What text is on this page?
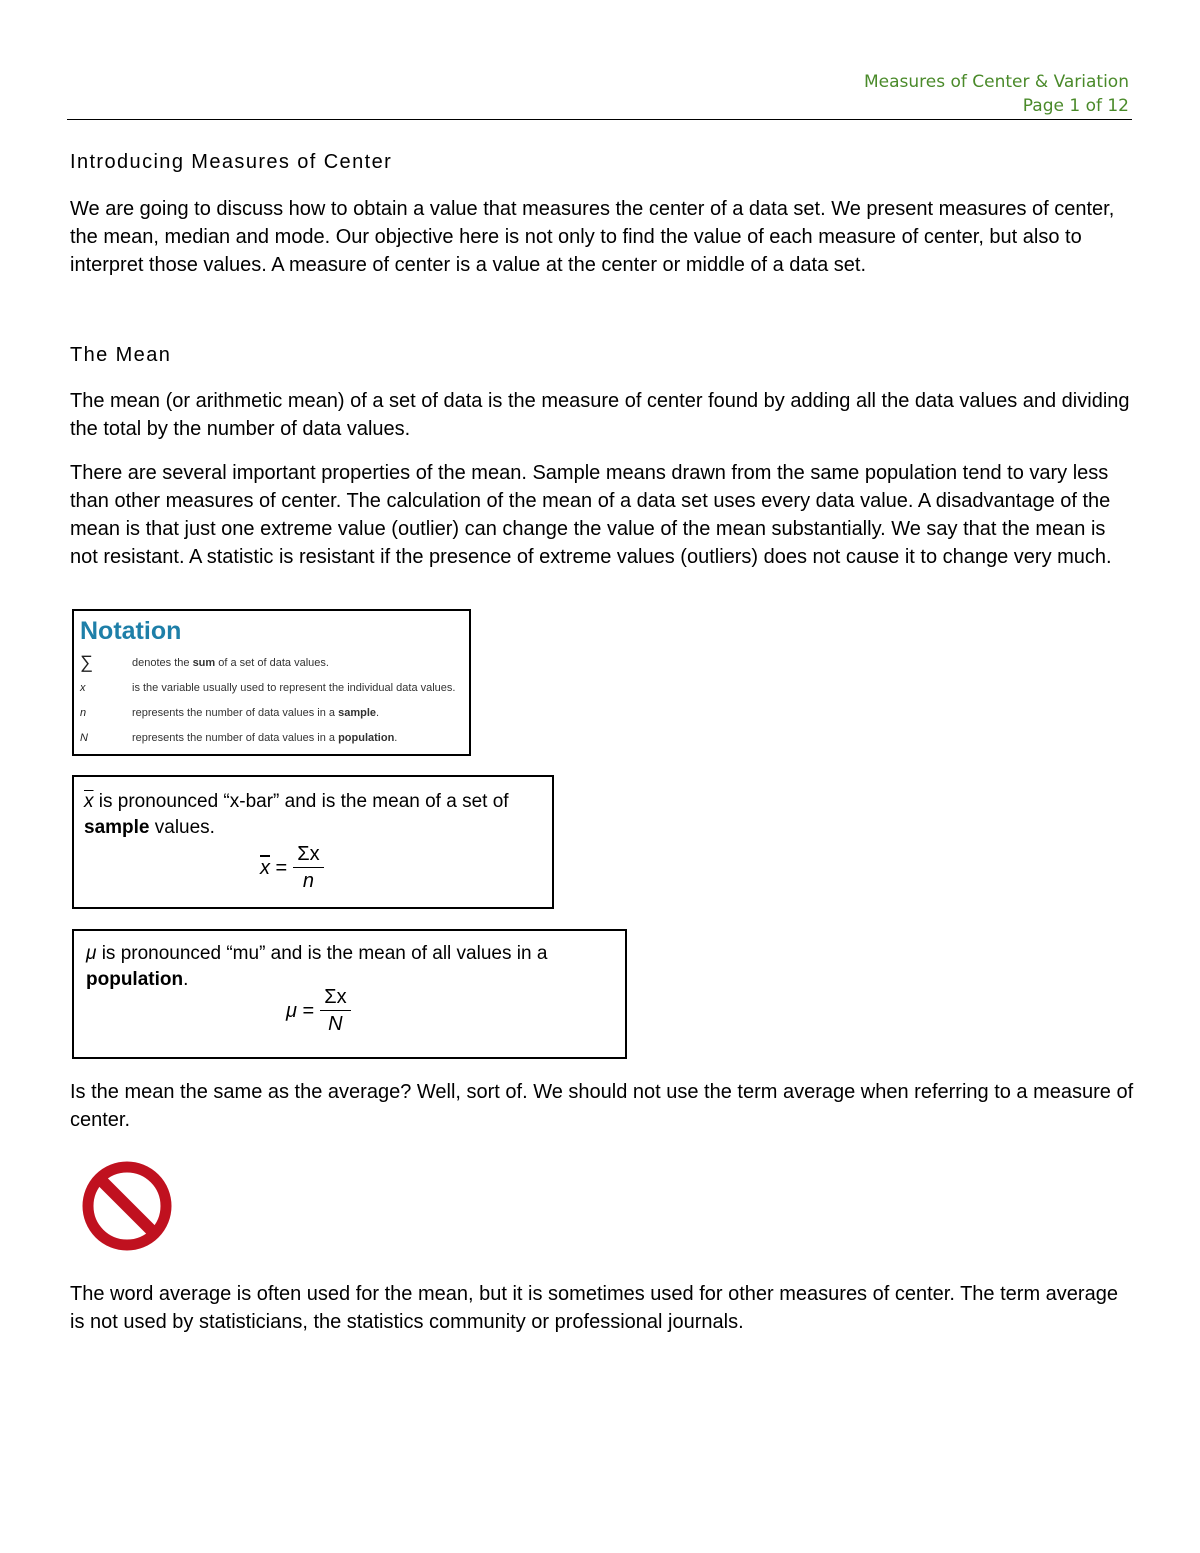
Measures of Center & Variation
Page 1 of 12
Introducing Measures of Center

We are going to discuss how to obtain a value that measures the center of a data set. We present measures of center, the mean, median and mode. Our objective here is not only to find the value of each measure of center, but also to interpret those values. A measure of center is a value at the center or middle of a data set.

The Mean

The mean (or arithmetic mean) of a set of data is the measure of center found by adding all the data values and dividing the total by the number of data values.

There are several important properties of the mean. Sample means drawn from the same population tend to vary less than other measures of center. The calculation of the mean of a data set uses every data value. A disadvantage of the mean is that just one extreme value (outlier) can change the value of the mean substantially. We say that the mean is not resistant. A statistic is resistant if the presence of extreme values (outliers) does not cause it to change very much.

Notation
∑	denotes the sum of a set of data values.
x	is the variable usually used to represent the individual data values.
n	represents the number of data values in a sample.
N	represents the number of data values in a population.
$\overline{x}$ is pronounced “x-bar” and is the mean of a set of
sample values.
$\overline{x} = \frac{\Sigma x}{n}$
μ is pronounced “mu” and is the mean of all values in a
population.
$\mu = \frac{\Sigma x}{N}$

Is the mean the same as the average? Well, sort of. We should not use the term average when referring to a measure of center.

The word average is often used for the mean, but it is sometimes used for other measures of center. The term average is not used by statisticians, the statistics community or professional journals.
